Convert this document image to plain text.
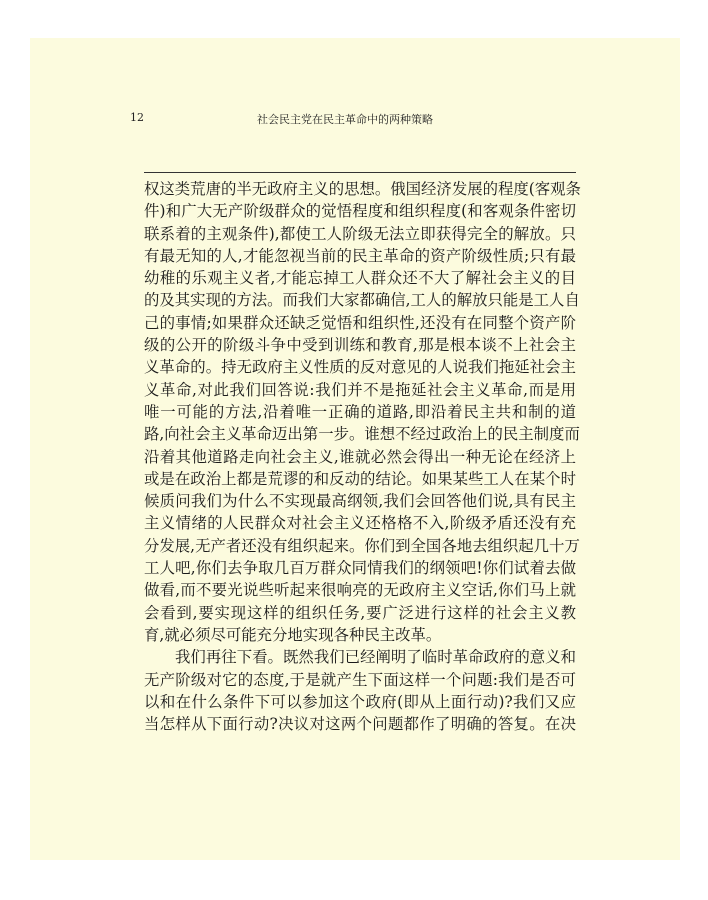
12	社会民主党在民主革命中的两种策略
权这类荒唐的半无政府主义的思想。俄国经济发展的程度(客观条
件)和广大无产阶级群众的觉悟程度和组织程度(和客观条件密切
联系着的主观条件),都使工人阶级无法立即获得完全的解放。只
有最无知的人,才能忽视当前的民主革命的资产阶级性质;只有最
幼稚的乐观主义者,才能忘掉工人群众还不大了解社会主义的目
的及其实现的方法。而我们大家都确信,工人的解放只能是工人自
己的事情;如果群众还缺乏觉悟和组织性,还没有在同整个资产阶
级的公开的阶级斗争中受到训练和教育,那是根本谈不上社会主
义革命的。持无政府主义性质的反对意见的人说我们拖延社会主
义革命,对此我们回答说:我们并不是拖延社会主义革命,而是用
唯一可能的方法,沿着唯一正确的道路,即沿着民主共和制的道
路,向社会主义革命迈出第一步。谁想不经过政治上的民主制度而
沿着其他道路走向社会主义,谁就必然会得出一种无论在经济上
或是在政治上都是荒谬的和反动的结论。如果某些工人在某个时
候质问我们为什么不实现最高纲领,我们会回答他们说,具有民主
主义情绪的人民群众对社会主义还格格不入,阶级矛盾还没有充
分发展,无产者还没有组织起来。你们到全国各地去组织起几十万
工人吧,你们去争取几百万群众同情我们的纲领吧!你们试着去做
做看,而不要光说些听起来很响亮的无政府主义空话,你们马上就
会看到,要实现这样的组织任务,要广泛进行这样的社会主义教
育,就必须尽可能充分地实现各种民主改革。
我们再往下看。既然我们已经阐明了临时革命政府的意义和
无产阶级对它的态度,于是就产生下面这样一个问题:我们是否可
以和在什么条件下可以参加这个政府(即从上面行动)?我们又应
当怎样从下面行动?决议对这两个问题都作了明确的答复。在决
